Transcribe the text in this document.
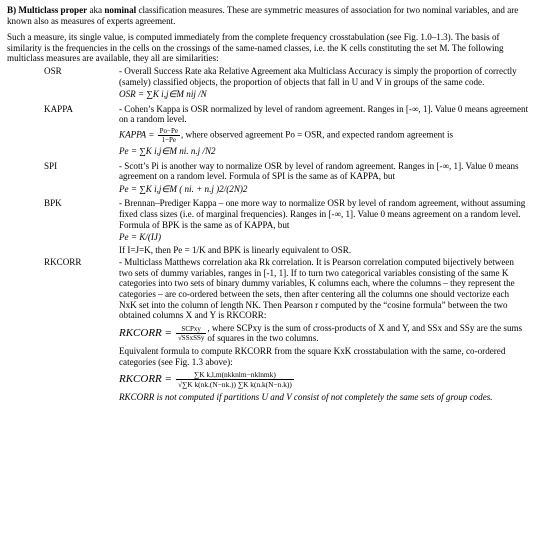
B) Multiclass proper aka nominal classification measures. These are symmetric measures of association for two nominal variables, and are known also as measures of experts agreement.

Such a measure, its single value, is computed immediately from the complete frequency crosstabulation (see Fig. 1.0–1.3). The basis of similarity is the frequencies in the cells on the crossings of the same-named classes, i.e. the K cells constituting the set M. The following multiclass measures are available, they all are similarities:

OSR	- Overall Success Rate aka Relative Agreement aka Multiclass Accuracy is simply the proportion of correctly (samely) classified objects, the proportion of objects that fall in U and V in groups of the same code.

OSR = ∑K i,j∈M nij /N

KAPPA	- Cohen’s Kappa is OSR normalized by level of random agreement. Ranges in [-∞, 1]. Value 0 means agreement on a random level.

KAPPA = $\frac{Po-Pe}{1-Pe}$ , where observed agreement Po = OSR, and expected random agreement is

Pe = ∑K i,j∈M ni. n.j /N2

SPI	- Scott’s Pi is another way to normalize OSR by level of random agreement. Ranges in [-∞, 1]. Value 0 means agreement on a random level. Formula of SPI is the same as of KAPPA, but

Pe = ∑K i,j∈M ( ni. + n.j )2/(2N)2

BPK	- Brennan–Prediger Kappa – one more way to normalize OSR by level of random agreement, without assuming fixed class sizes (i.e. of marginal frequencies). Ranges in [-∞, 1]. Value 0 means agreement on a random level. Formula of BPK is the same as of KAPPA, but

Pe = K/(IJ)

If I=J=K, then Pe = 1/K and BPK is linearly equivalent to OSR.

RKCORR	- Multiclass Matthews correlation aka Rk correlation. It is Pearson correlation computed bijectively between two sets of dummy variables, ranges in [-1, 1]. If to turn two categorical variables consisting of the same K categories into two sets of binary dummy variables, K columns each, where the columns – they represent the categories – are co-ordered between the sets, then after centering all the columns one should vectorize each NxK set into the column of length NK. Then Pearson r computed by the “cosine formula” between the two obtained columns X and Y is RKCORR:

RKCORR = $\frac{\text{SCPxy}}{\text{√SSxSSy}}$ , where SCPxy is the sum of cross-products of X and Y, and SSx and SSy are the sums of squares in the two columns.

Equivalent formula to compute RKCORR from the square KxK crosstabulation with the same, co-ordered categories (see Fig. 1.3 above):

RKCORR = $\frac{\text{∑K k,l,m(nkknlm−nklnmk)}}{\text{√∑K k(nk.(N−nk.)) ∑K k(n.k(N−n.k))}}$

RKCORR is not computed if partitions U and V consist of not completely the same sets of group codes.
